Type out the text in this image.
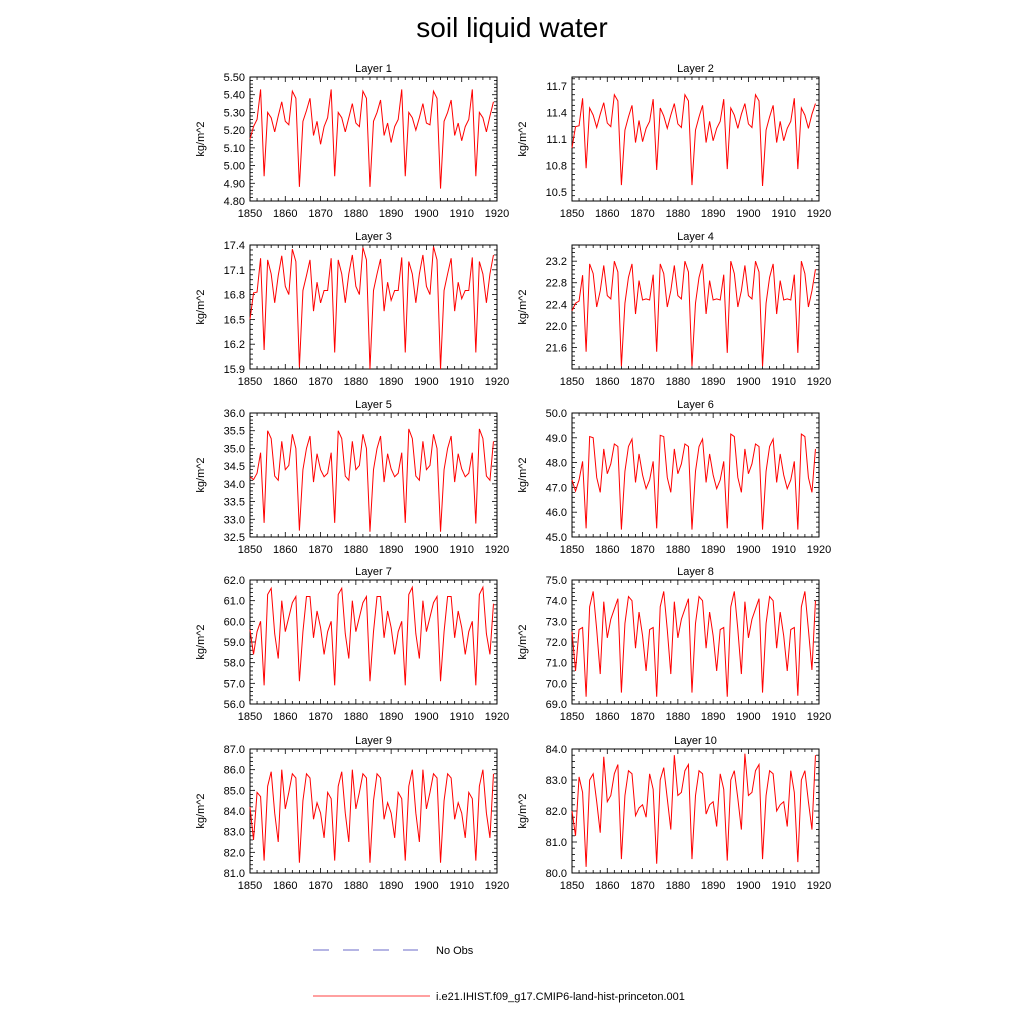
soil liquid water
Layer 1
1850 1860 1870 1880 1890 1900 1910 1920
4.80
4.90
5.00
5.10
5.20
5.30
5.40
5.50
kg/m^2
Layer 2
1850 1860 1870 1880 1890 1900 1910 1920
10.5
10.8
11.1
11.4
11.7
kg/m^2
Layer 3
1850 1860 1870 1880 1890 1900 1910 1920
15.9
16.2
16.5
16.8
17.1
17.4
kg/m^2
Layer 4
1850 1860 1870 1880 1890 1900 1910 1920
21.6
22.0
22.4
22.8
23.2
kg/m^2
Layer 5
1850 1860 1870 1880 1890 1900 1910 1920
32.5
33.0
33.5
34.0
34.5
35.0
35.5
36.0
kg/m^2
Layer 6
1850 1860 1870 1880 1890 1900 1910 1920
45.0
46.0
47.0
48.0
49.0
50.0
kg/m^2
Layer 7
1850 1860 1870 1880 1890 1900 1910 1920
56.0
57.0
58.0
59.0
60.0
61.0
62.0
kg/m^2
Layer 8
1850 1860 1870 1880 1890 1900 1910 1920
69.0
70.0
71.0
72.0
73.0
74.0
75.0
kg/m^2
Layer 9
1850 1860 1870 1880 1890 1900 1910 1920
81.0
82.0
83.0
84.0
85.0
86.0
87.0
kg/m^2
Layer 10
1850 1860 1870 1880 1890 1900 1910 1920
80.0
81.0
82.0
83.0
84.0
kg/m^2
No Obs
i.e21.IHIST.f09_g17.CMIP6-land-hist-princeton.001
